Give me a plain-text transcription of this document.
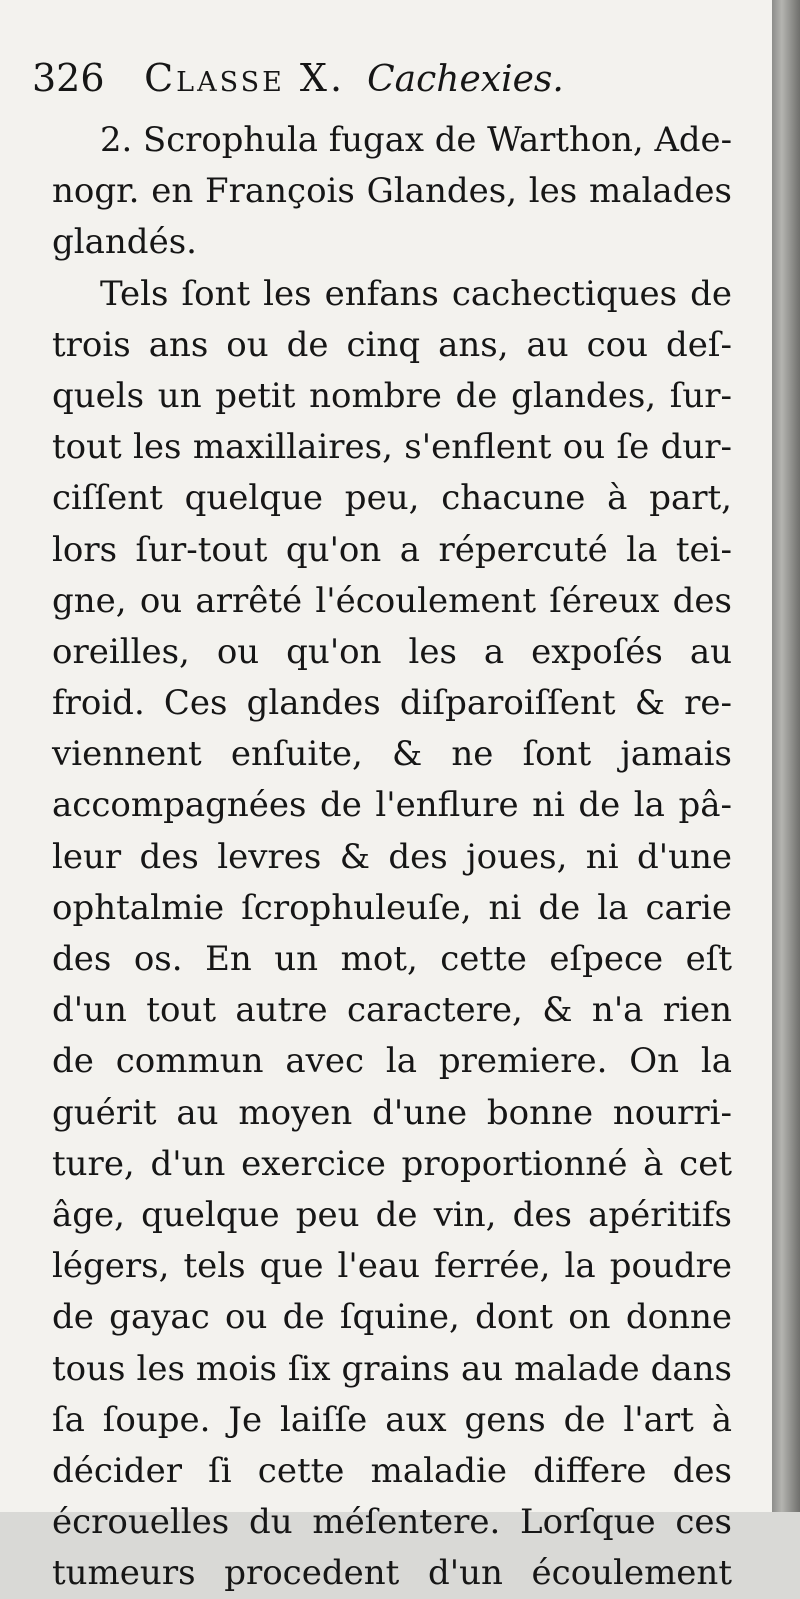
326 Classe X. Cachexies.
2. Scrophula fugax de Warthon, Ade-
nogr. en François Glandes, les malades
glandés.
Tels ſont les enfans cachectiques de
trois ans ou de cinq ans, au cou deſ-
quels un petit nombre de glandes, ſur-
tout les maxillaires, s'enflent ou ſe dur-
ciſſent quelque peu, chacune à part,
lors ſur-tout qu'on a répercuté la tei-
gne, ou arrêté l'écoulement ſéreux des
oreilles, ou qu'on les a expoſés au
froid. Ces glandes diſparoiſſent & re-
viennent enſuite, & ne ſont jamais
accompagnées de l'enflure ni de la pâ-
leur des levres & des joues, ni d'une
ophtalmie ſcrophuleuſe, ni de la carie
des os. En un mot, cette eſpece eſt
d'un tout autre caractere, & n'a rien
de commun avec la premiere. On la
guérit au moyen d'une bonne nourri-
ture, d'un exercice proportionné à cet
âge, quelque peu de vin, des apéritifs
légers, tels que l'eau ferrée, la poudre
de gayac ou de ſquine, dont on donne
tous les mois ſix grains au malade dans
ſa ſoupe. Je laiſſe aux gens de l'art à
décider ſi cette maladie differe des
écrouelles du méſentere. Lorſque ces
tumeurs procedent d'un écoulement
